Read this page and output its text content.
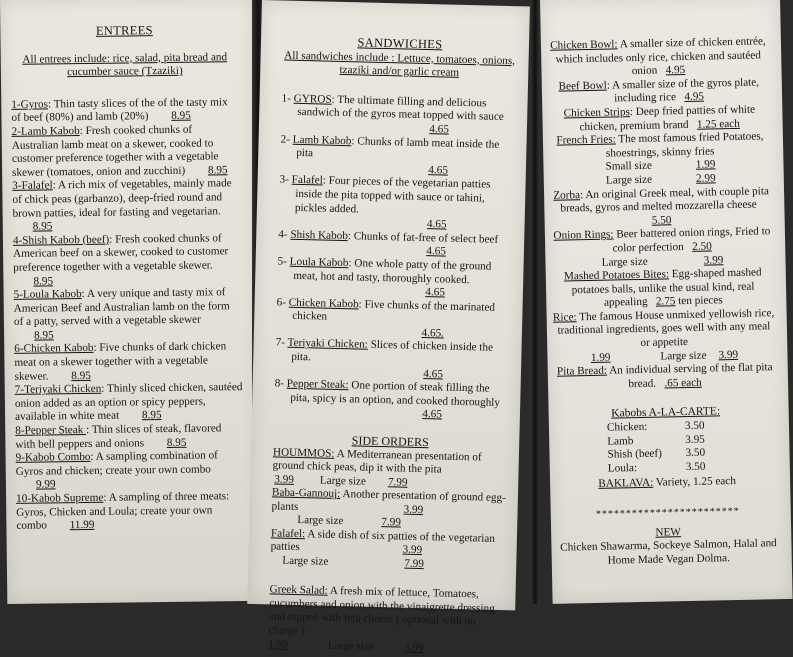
ENTREES

All entrees include: rice, salad, pita bread and cucumber sauce (Tzaziki)

1-Gyros: Thin tasty slices of the of the tasty mix of beef (80%) and lamb (20%) 8.95

2-Lamb Kabob: Fresh cooked chunks of Australian lamb meat on a skewer, cooked to customer preference together with a vegetable skewer (tomatoes, onion and zucchini) 8.95

3-Falafel: A rich mix of vegetables, mainly made of chick peas (garbanzo), deep-fried round and brown patties, ideal for fasting and vegetarian. 8.95

4-Shish Kabob (beef): Fresh cooked chunks of American beef on a skewer, cooked to customer preference together with a vegetable skewer. 8.95

5-Loula Kabob: A very unique and tasty mix of American Beef and Australian lamb on the form of a patty, served with a vegetable skewer 8.95

6-Chicken Kabob: Five chunks of dark chicken meat on a skewer together with a vegetable skewer. 8.95

7-Teriyaki Chicken: Thinly sliced chicken, sautéed onion added as an option or spicy peppers, available in white meat 8.95

8-Pepper Steak : Thin slices of steak, flavored with bell peppers and onions 8.95

9-Kabob Combo: A sampling combination of Gyros and chicken; create your own combo 9.99

10-Kabob Supreme: A sampling of three meats: Gyros, Chicken and Loula; create your own combo 11.99

SANDWICHES

All sandwiches include : Lettuce, tomatoes, onions, tzaziki and/or garlic cream

1- GYROS: The ultimate filling and delicious sandwich of the gyros meat topped with sauce
4.65

2- Lamb Kabob: Chunks of lamb meat inside the pita
4.65

3- Falafel: Four pieces of the vegetarian patties inside the pita topped with sauce or tahini, pickles added.
4.65

4- Shish Kabob: Chunks of fat-free of select beef
4.65

5- Loula Kabob: One whole patty of the ground meat, hot and tasty, thoroughly cooked.
4.65

6- Chicken Kabob: Five chunks of the marinated chicken
4.65.

7- Teriyaki Chicken: Slices of chicken inside the pita.
4.65

8- Pepper Steak: One portion of steak filling the pita, spicy is an option, and cooked thoroughly
4.65

SIDE ORDERS

HOUMMOS: A Mediterranean presentation of ground chick peas, dip it with the pita

3.99 Large size 7.99

Baba-Gannouj: Another presentation of ground egg-plants	3.99

Large size	7.99

Falafel: A side dish of six patties of the vegetarian patties	3.99

Large size	7.99

Greek Salad: A fresh mix of lettuce, Tomatoes, cucumbers and onion with the vinaigrette dressing and topped with feta cheese ( optional with no charge )

1.99	Large size	3.99

Chicken Bowl: A smaller size of chicken entrée, which includes only rice, chicken and sautéed onion 4.95

Beef Bowl: A smaller size of the gyros plate, including rice 4.95

Chicken Strips: Deep fried patties of white chicken, premium brand 1.25 each

French Fries: The most famous fried Potatoes, shoestrings, skinny fries

Small size	1.99

Large size	2.99

Zorba: An original Greek meal, with couple pita breads, gyros and melted mozzarella cheese   5.50

Onion Rings: Beer battered onion rings, Fried to color perfection 2.50

Large size	3.99

Mashed Potatoes Bites: Egg-shaped mashed potatoes balls, unlike the usual kind, real appealing 2.75 ten pieces

Rice: The famous House unmixed yellowish rice, traditional ingredients, goes well with any meal or appetite

1.99	Large size 3.99

Pita Bread: An individual serving of the flat pita bread. .65 each

Kabobs A-LA-CARTE:

Chicken:	3.50
Lamb	3.95
Shish (beef)	3.50
Loula:	3.50

BAKLAVA: Variety, 1.25 each

************************

NEW

Chicken Shawarma, Sockeye Salmon, Halal and Home Made Vegan Dolma.
